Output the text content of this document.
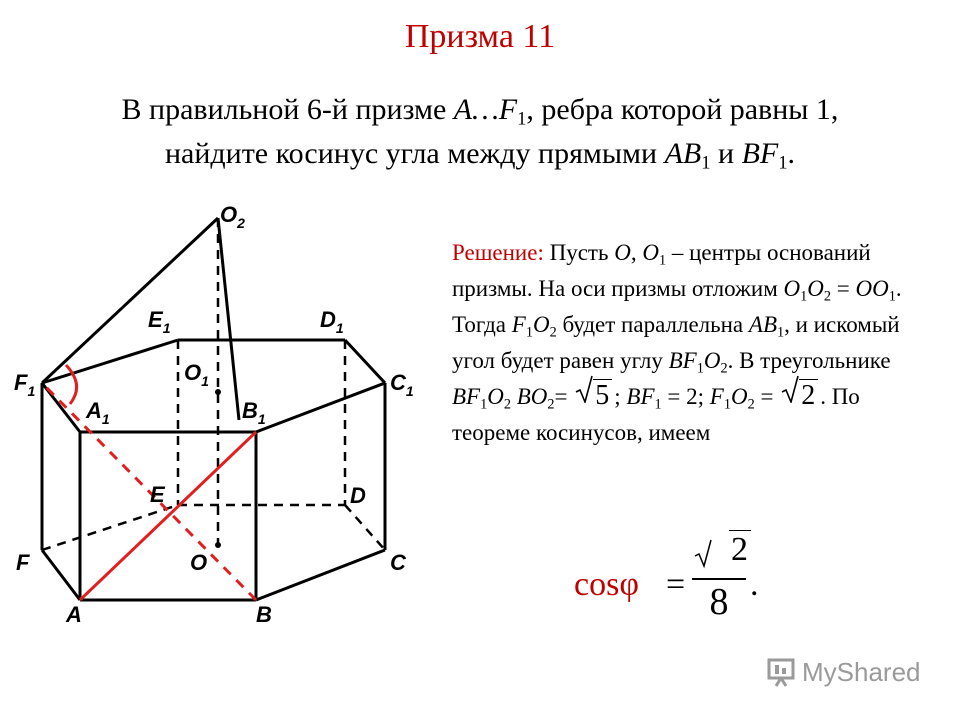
Призма 11
В правильной 6-й призме $A\dots F_1$, ребра которой равны 1,
найдите косинус угла между прямыми $AB_1$ и $BF_1$.
$O_2$
$E_1$	$D_1$
$F_1$
$O_1$	$C_1$
$A_1$	$B_1$
E	D
F	O	C
A	B
Решение: Пусть O, $O_1$ – центры оснований призмы. На оси призмы отложим $O_1O_2 = OO_1$. Тогда $F_1O_2$ будет параллельна $AB_1$, и искомый угол будет равен углу $BF_1O_2$. В треугольнике $BF_1O_2$ $BO_2=$
5 ; $BF_1 = 2$; $F_1O_2$ =
2 . По теореме косинусов, имеем
cosφ =
2
8 .
MyShared
